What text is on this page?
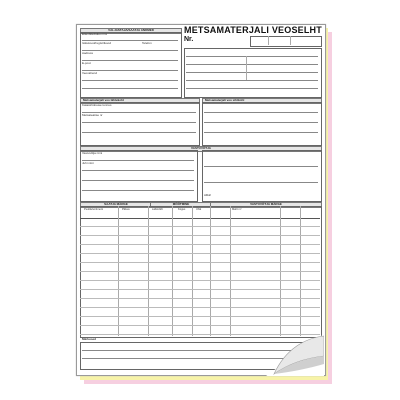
VÄLJASTAJA/SAATJA ANDMED
Ettevõtte/isiku nimi
Isikukood/registrikood	Telefon
Aadress
E-post
Veovahend
METSAMATERJALI VEOSELHT
Nr.
Metsamaterjali veo lähtekoht
Katastriüksuse tunnus
Metsateatise nr
Metsamaterjali veo sihtkoht
VASTUVÕTJA
Vastuvõtja nimi
Juhi nimi
Allkiri
SAATJA MÄRGE	MÕÕTMINE	VASTUVÕTJA MÄRGE
Puuliik/sortiment	Pikkus	Läbimõõt	Kogus	Ühik	Maht m³
Märkused
